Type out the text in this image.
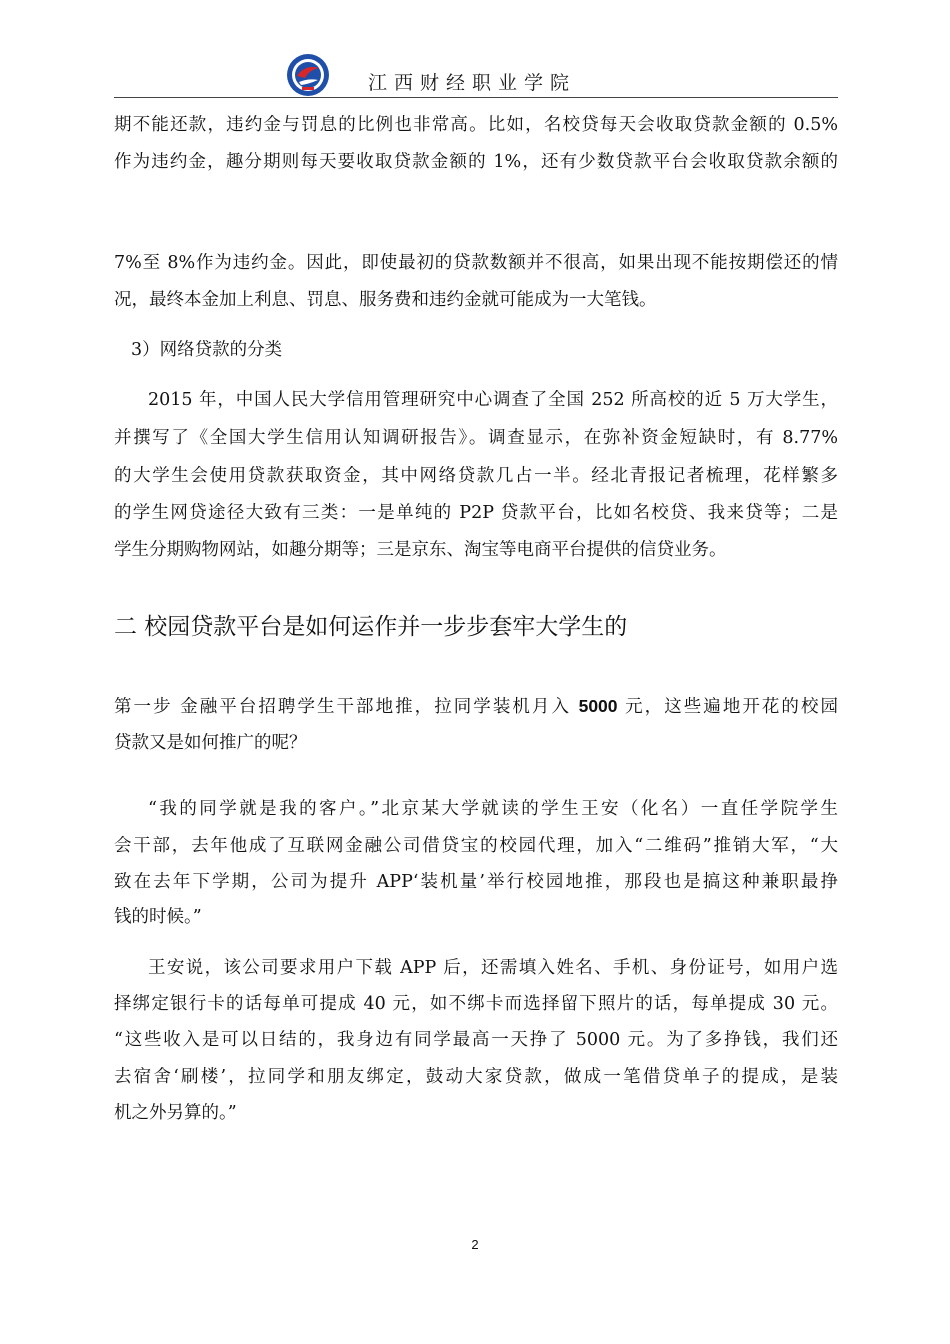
江西财经职业学院
期不能还款，违约金与罚息的比例也非常高。比如，名校贷每天会收取贷款金额的 0.5%
作为违约金，趣分期则每天要收取贷款金额的 1%，还有少数贷款平台会收取贷款余额的
7%至 8%作为违约金。因此，即使最初的贷款数额并不很高，如果出现不能按期偿还的情
况，最终本金加上利息、罚息、服务费和违约金就可能成为一大笔钱。
3）网络贷款的分类
2015 年，中国人民大学信用管理研究中心调查了全国 252 所高校的近 5 万大学生，
并撰写了《全国大学生信用认知调研报告》。调查显示，在弥补资金短缺时，有 8.77%
的大学生会使用贷款获取资金，其中网络贷款几占一半。经北青报记者梳理，花样繁多
的学生网贷途径大致有三类：一是单纯的 P2P 贷款平台，比如名校贷、我来贷等；二是
学生分期购物网站，如趣分期等；三是京东、淘宝等电商平台提供的信贷业务。
二 校园贷款平台是如何运作并一步步套牢大学生的
第一步 金融平台招聘学生干部地推，拉同学装机月入 5000 元，这些遍地开花的校园
贷款又是如何推广的呢？
“我的同学就是我的客户。”北京某大学就读的学生王安（化名）一直任学院学生
会干部，去年他成了互联网金融公司借贷宝的校园代理，加入“二维码”推销大军，“大
致在去年下学期，公司为提升 APP‘装机量’举行校园地推，那段也是搞这种兼职最挣
钱的时候。”
王安说，该公司要求用户下载 APP 后，还需填入姓名、手机、身份证号，如用户选
择绑定银行卡的话每单可提成 40 元，如不绑卡而选择留下照片的话，每单提成 30 元。
“这些收入是可以日结的，我身边有同学最高一天挣了 5000 元。为了多挣钱，我们还
去宿舍‘刷楼’，拉同学和朋友绑定，鼓动大家贷款，做成一笔借贷单子的提成，是装
机之外另算的。”
2
